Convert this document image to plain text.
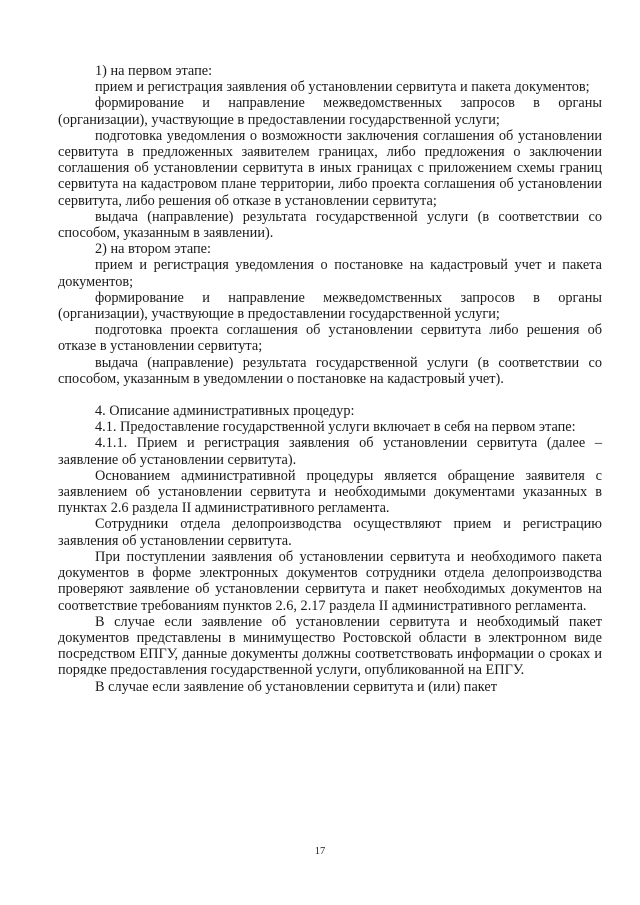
1) на первом этапе:

прием и регистрация заявления об установлении сервитута и пакета документов;

формирование и направление межведомственных запросов в органы (организации), участвующие в предоставлении государственной услуги;

подготовка уведомления о возможности заключения соглашения об установлении сервитута в предложенных заявителем границах, либо предложения о заключении соглашения об установлении сервитута в иных границах с приложением схемы границ сервитута на кадастровом плане территории, либо проекта соглашения об установлении сервитута, либо решения об отказе в установлении сервитута;

выдача (направление) результата государственной услуги (в соответствии со способом, указанным в заявлении).

2) на втором этапе:

прием и регистрация уведомления о постановке на кадастровый учет и пакета документов;

формирование и направление межведомственных запросов в органы (организации), участвующие в предоставлении государственной услуги;

подготовка проекта соглашения об установлении сервитута либо решения об отказе в установлении сервитута;

выдача (направление) результата государственной услуги (в соответствии со способом, указанным в уведомлении о постановке на кадастровый учет).

4. Описание административных процедур:

4.1. Предоставление государственной услуги включает в себя на первом этапе:

4.1.1. Прием и регистрация заявления об установлении сервитута (далее – заявление об установлении сервитута).

Основанием административной процедуры является обращение заявителя с заявлением об установлении сервитута и необходимыми документами указанных в пунктах 2.6 раздела II административного регламента.

Сотрудники отдела делопроизводства осуществляют прием и регистрацию заявления об установлении сервитута.

При поступлении заявления об установлении сервитута и необходимого пакета документов в форме электронных документов сотрудники отдела делопроизводства проверяют заявление об установлении сервитута и пакет необходимых документов на соответствие требованиям пунктов 2.6, 2.17 раздела II административного регламента.

В случае если заявление об установлении сервитута и необходимый пакет документов представлены в минимущество Ростовской области в электронном виде посредством ЕПГУ, данные документы должны соответствовать информации о сроках и порядке предоставления государственной услуги, опубликованной на ЕПГУ.

В случае если заявление об установлении сервитута и (или) пакет

17
